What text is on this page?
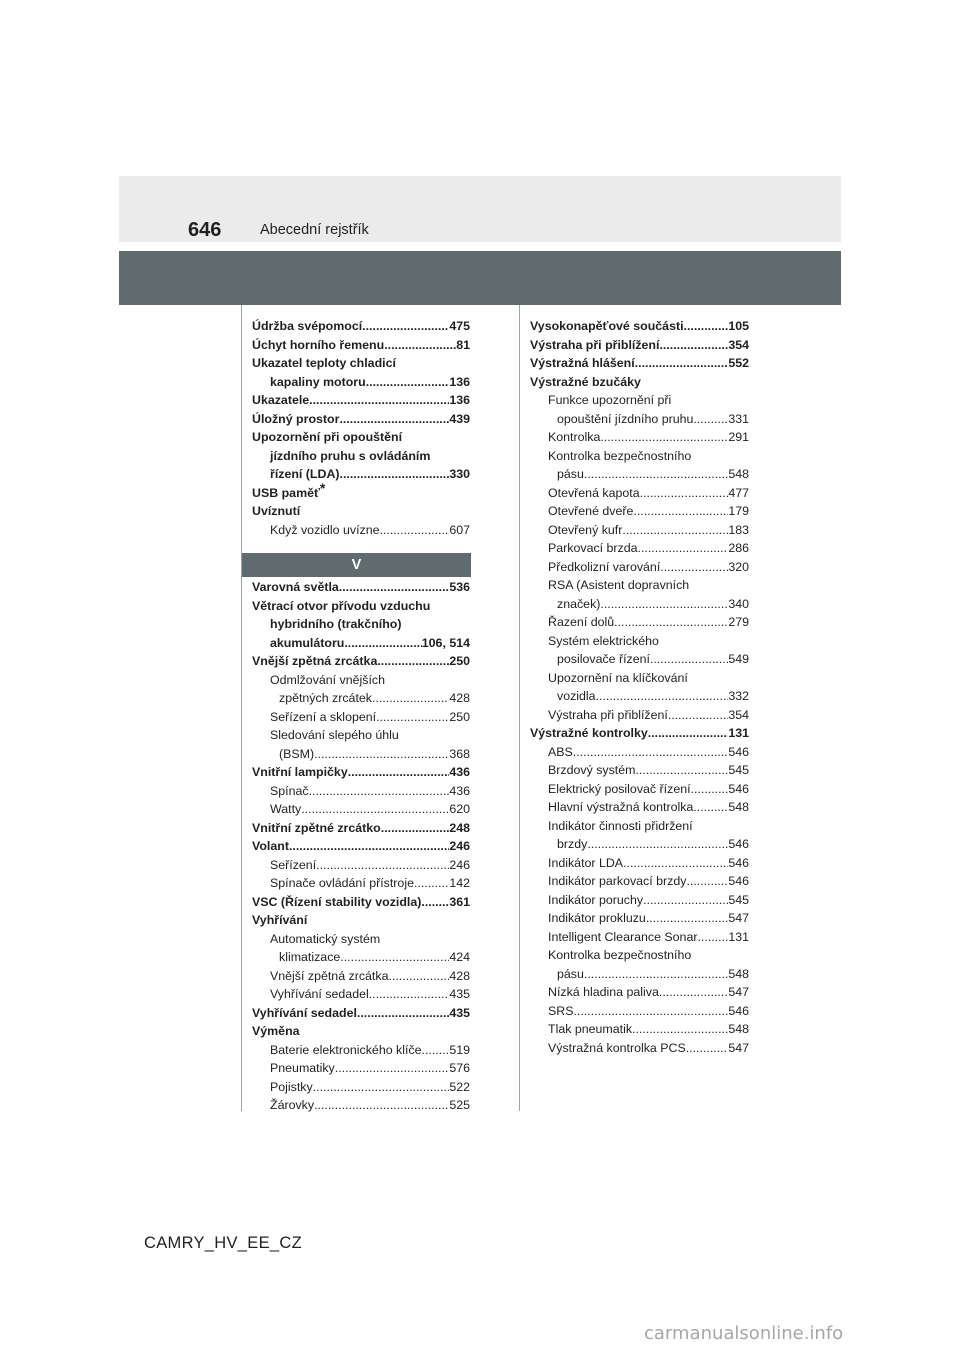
646	Abecední rejstřík
Údržba svépomocí .....	475
Úchyt horního řemenu .....	81
Ukazatel teploty chladicí
kapaliny motoru .....	136
Ukazatele .....	136
Úložný prostor .....	439
Upozornění při opouštění
jízdního pruhu s ovládáním
řízení (LDA) .....	330
USB paměť*
Uvíznutí
Když vozidlo uvízne .....	607
V
Varovná světla .....	536
Větrací otvor přívodu vzduchu
hybridního (trakčního)
akumulátoru .....	106, 514
Vnější zpětná zrcátka .....	250
Odmlžování vnějších
zpětných zrcátek .....	428
Seřízení a sklopení .....	250
Sledování slepého úhlu
(BSM) .....	368
Vnitřní lampičky .....	436
Spínač .....	436
Watty .....	620
Vnitřní zpětné zrcátko .....	248
Volant .....	246
Seřízení .....	246
Spínače ovládání přístroje .....	142
VSC (Řízení stability vozidla) ..... 361
Vyhřívání
Automatický systém
klimatizace .....	424
Vnější zpětná zrcátka .....	428
Vyhřívání sedadel .....	435
Vyhřívání sedadel .....	435
Výměna
Baterie elektronického klíče ..... 519
Pneumatiky .....	576
Pojistky .....	522
Žárovky .....	525
Vysokonapěťové součásti .....	105
Výstraha při přiblížení .....	354
Výstražná hlášení .....	552
Výstražné bzučáky
Funkce upozornění při
opouštění jízdního pruhu .....	331
Kontrolka .....	291
Kontrolka bezpečnostního
pásu .....	548
Otevřená kapota .....	477
Otevřené dveře .....	179
Otevřený kufr .....	183
Parkovací brzda .....	286
Předkolizní varování .....	320
RSA (Asistent dopravních
značek) .....	340
Řazení dolů .....	279
Systém elektrického
posilovače řízení .....	549
Upozornění na klíčkování
vozidla .....	332
Výstraha při přiblížení .....	354
Výstražné kontrolky .....	131
ABS .....	546
Brzdový systém .....	545
Elektrický posilovač řízení .....	546
Hlavní výstražná kontrolka .....	548
Indikátor činnosti přidržení
brzdy .....	546
Indikátor LDA .....	546
Indikátor parkovací brzdy .....	546
Indikátor poruchy .....	545
Indikátor prokluzu .....	547
Intelligent Clearance Sonar ..... 131
Kontrolka bezpečnostního
pásu .....	548
Nízká hladina paliva .....	547
SRS .....	546
Tlak pneumatik .....	548
Výstražná kontrolka PCS .....	547
CAMRY_HV_EE_CZ
carmanualsonline.info
